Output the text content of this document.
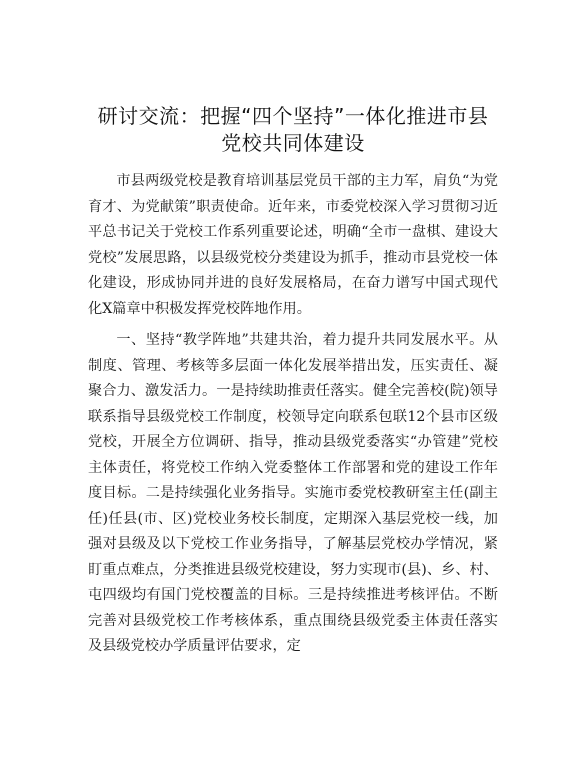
研讨交流：把握“四个坚持”一体化推进市县
党校共同体建设

市县两级党校是教育培训基层党员干部的主力军，肩负“为党育才、为党献策”职责使命。近年来，市委党校深入学习贯彻习近平总书记关于党校工作系列重要论述，明确“全市一盘棋、建设大党校”发展思路，以县级党校分类建设为抓手，推动市县党校一体化建设，形成协同并进的良好发展格局，在奋力谱写中国式现代化X篇章中积极发挥党校阵地作用。

一、坚持“教学阵地”共建共治，着力提升共同发展水平。从制度、管理、考核等多层面一体化发展举措出发，压实责任、凝聚合力、激发活力。一是持续助推责任落实。健全完善校(院)领导联系指导县级党校工作制度，校领导定向联系包联12个县市区级党校，开展全方位调研、指导，推动县级党委落实“办管建”党校主体责任，将党校工作纳入党委整体工作部署和党的建设工作年度目标。二是持续强化业务指导。实施市委党校教研室主任(副主任)任县(市、区)党校业务校长制度，定期深入基层党校一线，加强对县级及以下党校工作业务指导，了解基层党校办学情况，紧盯重点难点，分类推进县级党校建设，努力实现市(县)、乡、村、屯四级均有国门党校覆盖的目标。三是持续推进考核评估。不断完善对县级党校工作考核体系，重点围绕县级党委主体责任落实及县级党校办学质量评估要求，定
